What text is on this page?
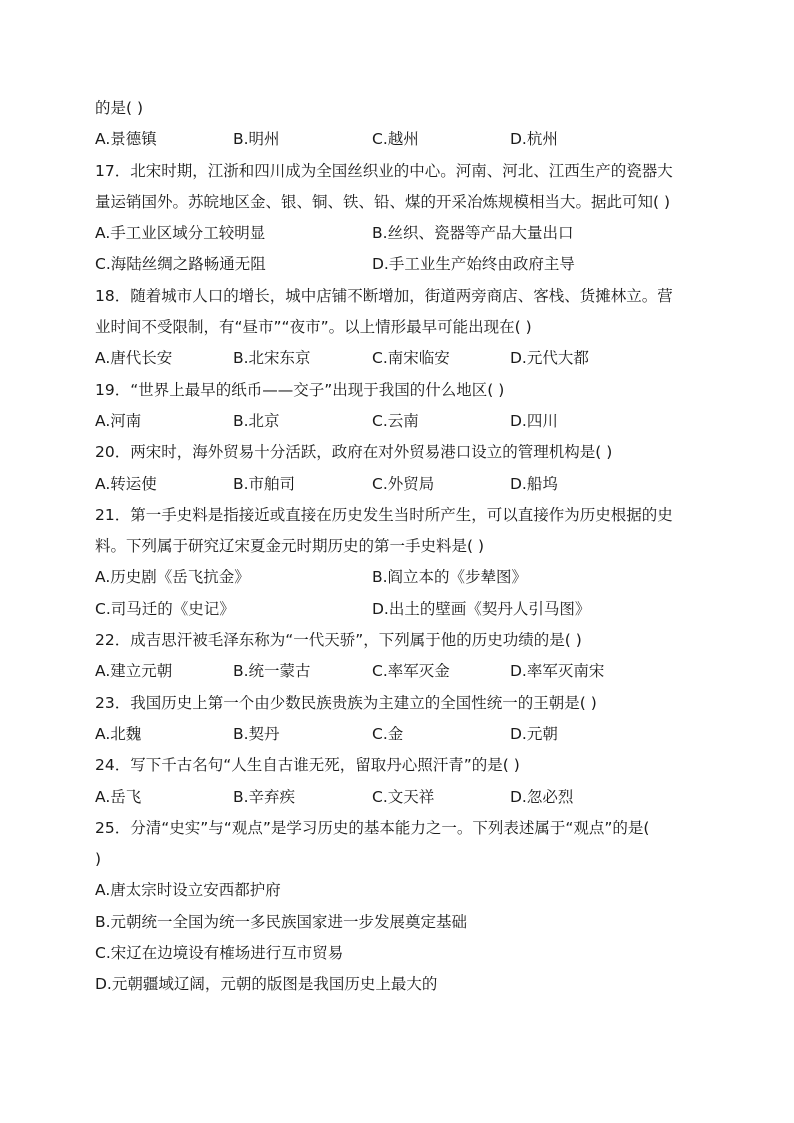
的是( )
A.景德镇	B.明州	C.越州	D.杭州
17．北宋时期，江浙和四川成为全国丝织业的中心。河南、河北、江西生产的瓷器大
量运销国外。苏皖地区金、银、铜、铁、铅、煤的开采冶炼规模相当大。据此可知( )
A.手工业区域分工较明显	B.丝织、瓷器等产品大量出口
C.海陆丝绸之路畅通无阻	D.手工业生产始终由政府主导
18．随着城市人口的增长，城中店铺不断增加，街道两旁商店、客栈、货摊林立。营
业时间不受限制，有“昼市”“夜市”。以上情形最早可能出现在( )
A.唐代长安	B.北宋东京	C.南宋临安	D.元代大都
19．“世界上最早的纸币——交子”出现于我国的什么地区( )
A.河南	B.北京	C.云南	D.四川
20．两宋时，海外贸易十分活跃，政府在对外贸易港口设立的管理机构是( )
A.转运使	B.市舶司	C.外贸局	D.船坞
21．第一手史料是指接近或直接在历史发生当时所产生，可以直接作为历史根据的史
料。下列属于研究辽宋夏金元时期历史的第一手史料是( )
A.历史剧《岳飞抗金》	B.阎立本的《步辇图》
C.司马迁的《史记》	D.出土的壁画《契丹人引马图》
22．成吉思汗被毛泽东称为“一代天骄”，下列属于他的历史功绩的是( )
A.建立元朝	B.统一蒙古	C.率军灭金	D.率军灭南宋
23．我国历史上第一个由少数民族贵族为主建立的全国性统一的王朝是( )
A.北魏	B.契丹	C.金	D.元朝
24．写下千古名句“人生自古谁无死，留取丹心照汗青”的是( )
A.岳飞	B.辛弃疾	C.文天祥	D.忽必烈
25．分清“史实”与“观点”是学习历史的基本能力之一。下列表述属于“观点”的是(
)
A.唐太宗时设立安西都护府
B.元朝统一全国为统一多民族国家进一步发展奠定基础
C.宋辽在边境设有榷场进行互市贸易
D.元朝疆域辽阔，元朝的版图是我国历史上最大的
